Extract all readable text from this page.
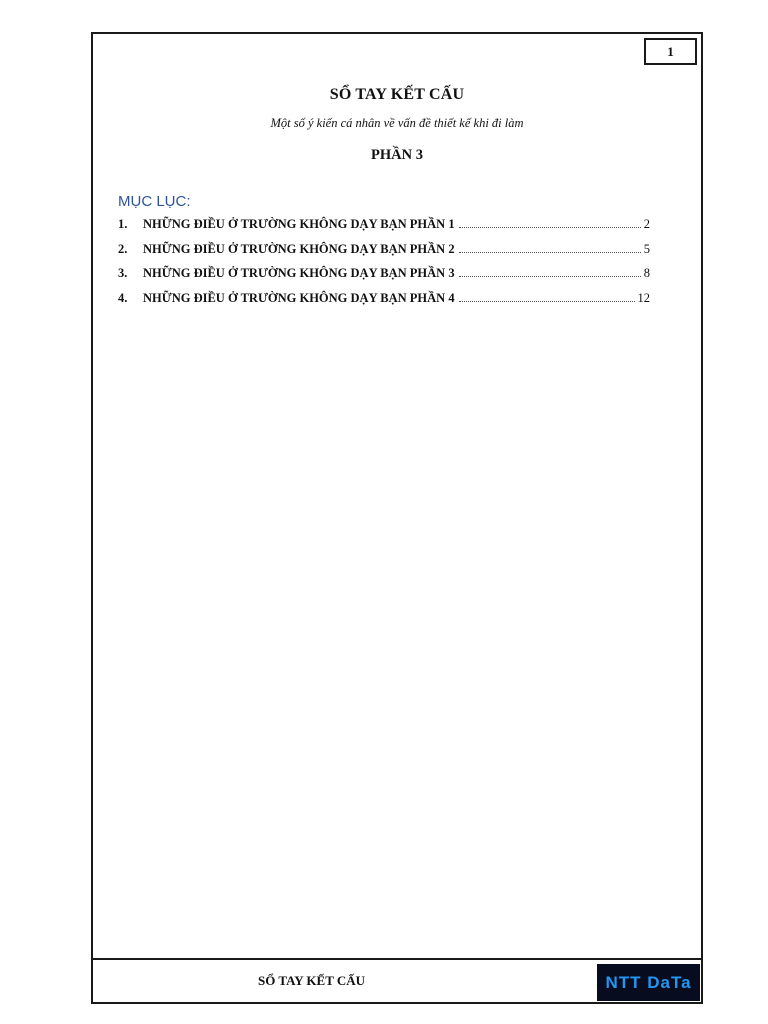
1
SỔ TAY KẾT CẤU
Một số ý kiến cá nhân về vấn đề thiết kế khi đi làm
PHẦN 3
MỤC LỤC:
1.	NHỮNG ĐIỀU Ở TRƯỜNG KHÔNG DẠY BẠN PHẦN 1	2
2.	NHỮNG ĐIỀU Ở TRƯỜNG KHÔNG DẠY BẠN PHẦN 2	5
3.	NHỮNG ĐIỀU Ở TRƯỜNG KHÔNG DẠY BẠN PHẦN 3	8
4.	NHỮNG ĐIỀU Ở TRƯỜNG KHÔNG DẠY BẠN PHẦN 4	12
SỔ TAY KẾT CẤU	NTT DaTa
